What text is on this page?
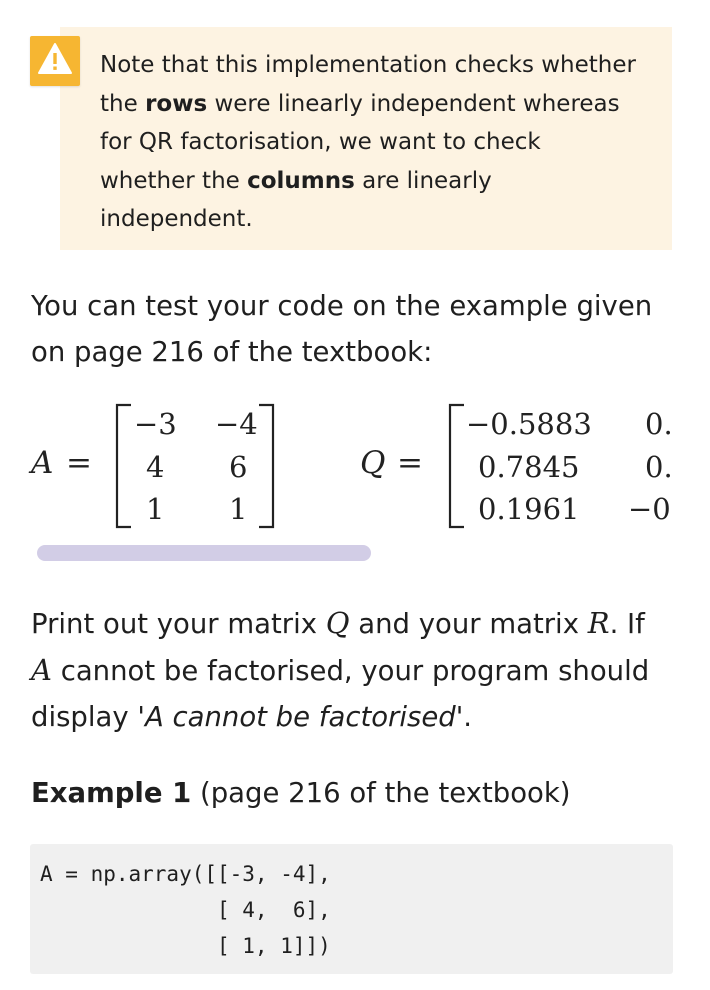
Note that this implementation checks whether
the rows were linearly independent whereas
for QR factorisation, we want to check
whether the columns are linearly
independent.
You can test your code on the example given
on page 216 of the textbook:
A =
−3 −4
4 6
1 1
Q =
−0.5883 0.
0.7845 0.
0.1961 −0
Print out your matrix Q and your matrix R. If
A cannot be factorised, your program should
display 'A cannot be factorised'.
Example 1 (page 216 of the textbook)
A = np.array([[-3, -4],
[ 4,  6],
[ 1, 1]])
